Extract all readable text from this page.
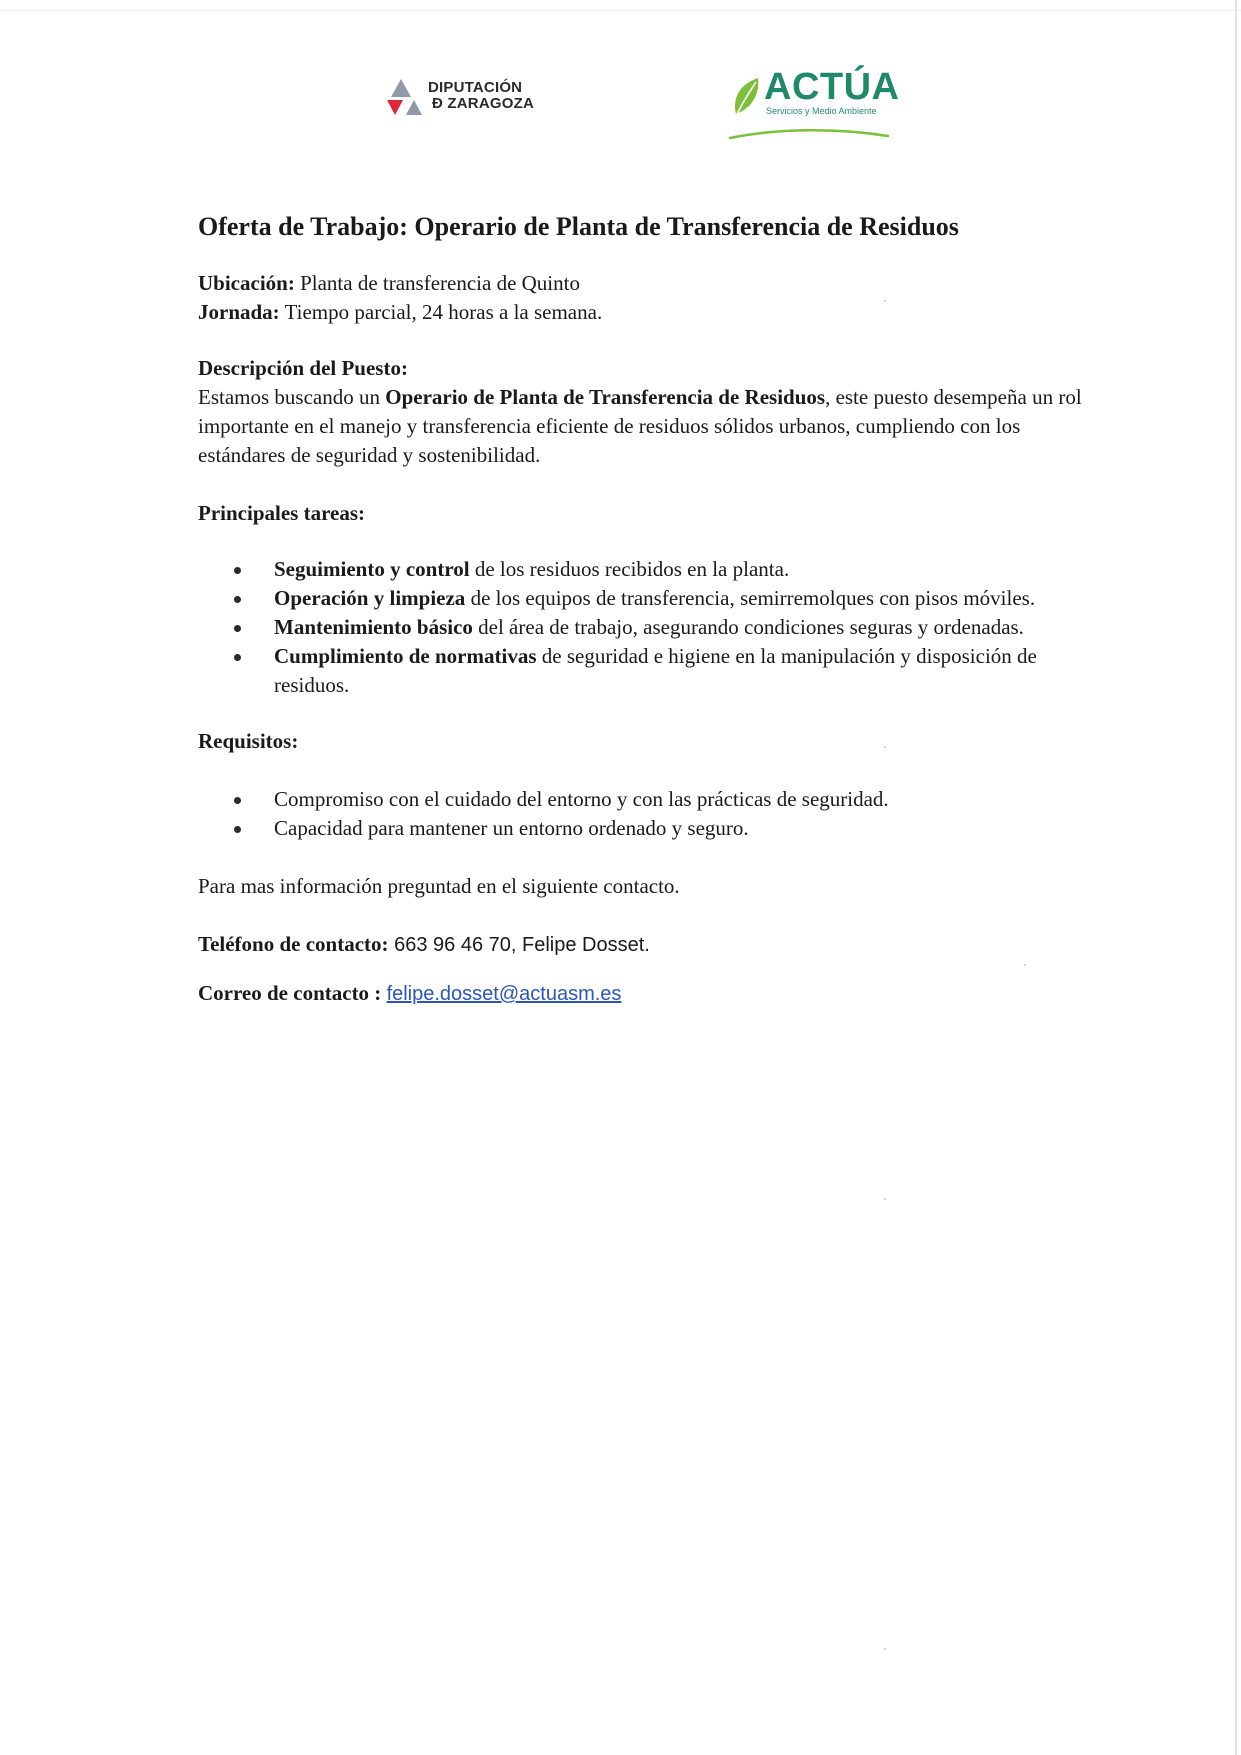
DIPUTACIÓN
Đ ZARAGOZA	ACTÚA
Servicios y Medio Ambiente
Oferta de Trabajo: Operario de Planta de Transferencia de Residuos

Ubicación: Planta de transferencia de Quinto

Jornada: Tiempo parcial, 24 horas a la semana.

Descripción del Puesto:

Estamos buscando un Operario de Planta de Transferencia de Residuos, este puesto desempeña un rol importante en el manejo y transferencia eficiente de residuos sólidos urbanos, cumpliendo con los estándares de seguridad y sostenibilidad.

Principales tareas:

Seguimiento y control de los residuos recibidos en la planta.
Operación y limpieza de los equipos de transferencia, semirremolques con pisos móviles.
Mantenimiento básico del área de trabajo, asegurando condiciones seguras y ordenadas.
Cumplimiento de normativas de seguridad e higiene en la manipulación y disposición de residuos.

Requisitos:

Compromiso con el cuidado del entorno y con las prácticas de seguridad.
Capacidad para mantener un entorno ordenado y seguro.

Para mas información preguntad en el siguiente contacto.

Teléfono de contacto: 663 96 46 70, Felipe Dosset.

Correo de contacto : felipe.dosset@actuasm.es
